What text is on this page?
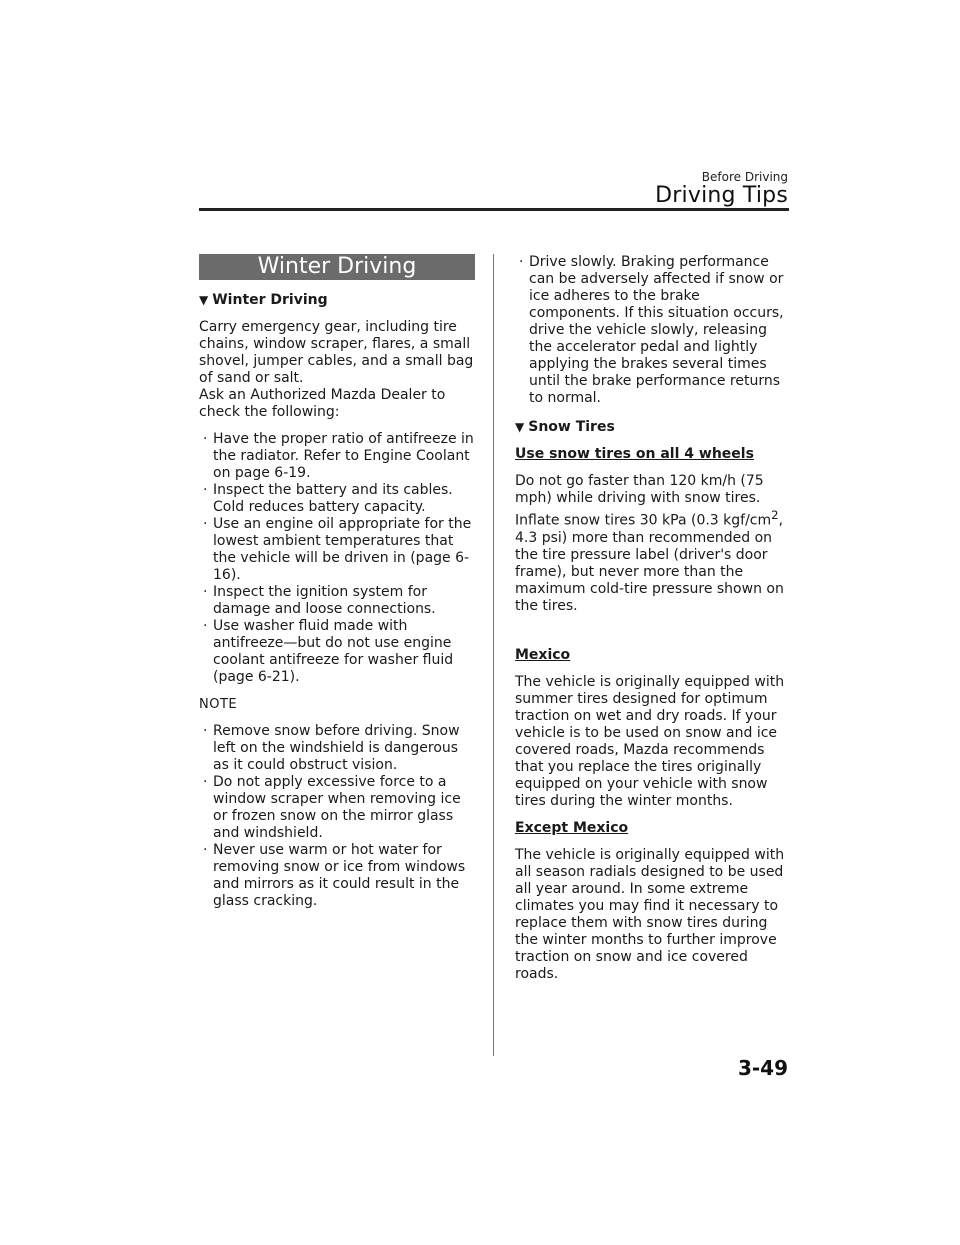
Before Driving
Driving Tips
Winter Driving
▼ Winter Driving

Carry emergency gear, including tire chains, window scraper, flares, a small shovel, jumper cables, and a small bag of sand or salt.

Ask an Authorized Mazda Dealer to check the following:

· Have the proper ratio of antifreeze in the radiator. Refer to Engine Coolant on page 6-19.
· Inspect the battery and its cables. Cold reduces battery capacity.
· Use an engine oil appropriate for the lowest ambient temperatures that the vehicle will be driven in (page 6-16).
· Inspect the ignition system for damage and loose connections.
· Use washer fluid made with antifreeze—but do not use engine coolant antifreeze for washer fluid (page 6-21).
NOTE
· Remove snow before driving. Snow left on the windshield is dangerous as it could obstruct vision.
· Do not apply excessive force to a window scraper when removing ice or frozen snow on the mirror glass and windshield.
· Never use warm or hot water for removing snow or ice from windows and mirrors as it could result in the glass cracking.
· Drive slowly. Braking performance can be adversely affected if snow or ice adheres to the brake components. If this situation occurs, drive the vehicle slowly, releasing the accelerator pedal and lightly applying the brakes several times until the brake performance returns to normal.
▼ Snow Tires
Use snow tires on all 4 wheels

Do not go faster than 120 km/h (75 mph) while driving with snow tires. Inflate snow tires 30 kPa (0.3 kgf/$cm^2$, 4.3 psi) more than recommended on the tire pressure label (driver's door frame), but never more than the maximum cold-tire pressure shown on the tires.

Mexico

The vehicle is originally equipped with summer tires designed for optimum traction on wet and dry roads. If your vehicle is to be used on snow and ice covered roads, Mazda recommends that you replace the tires originally equipped on your vehicle with snow tires during the winter months.

Except Mexico

The vehicle is originally equipped with all season radials designed to be used all year around. In some extreme climates you may find it necessary to replace them with snow tires during the winter months to further improve traction on snow and ice covered roads.

3-49
